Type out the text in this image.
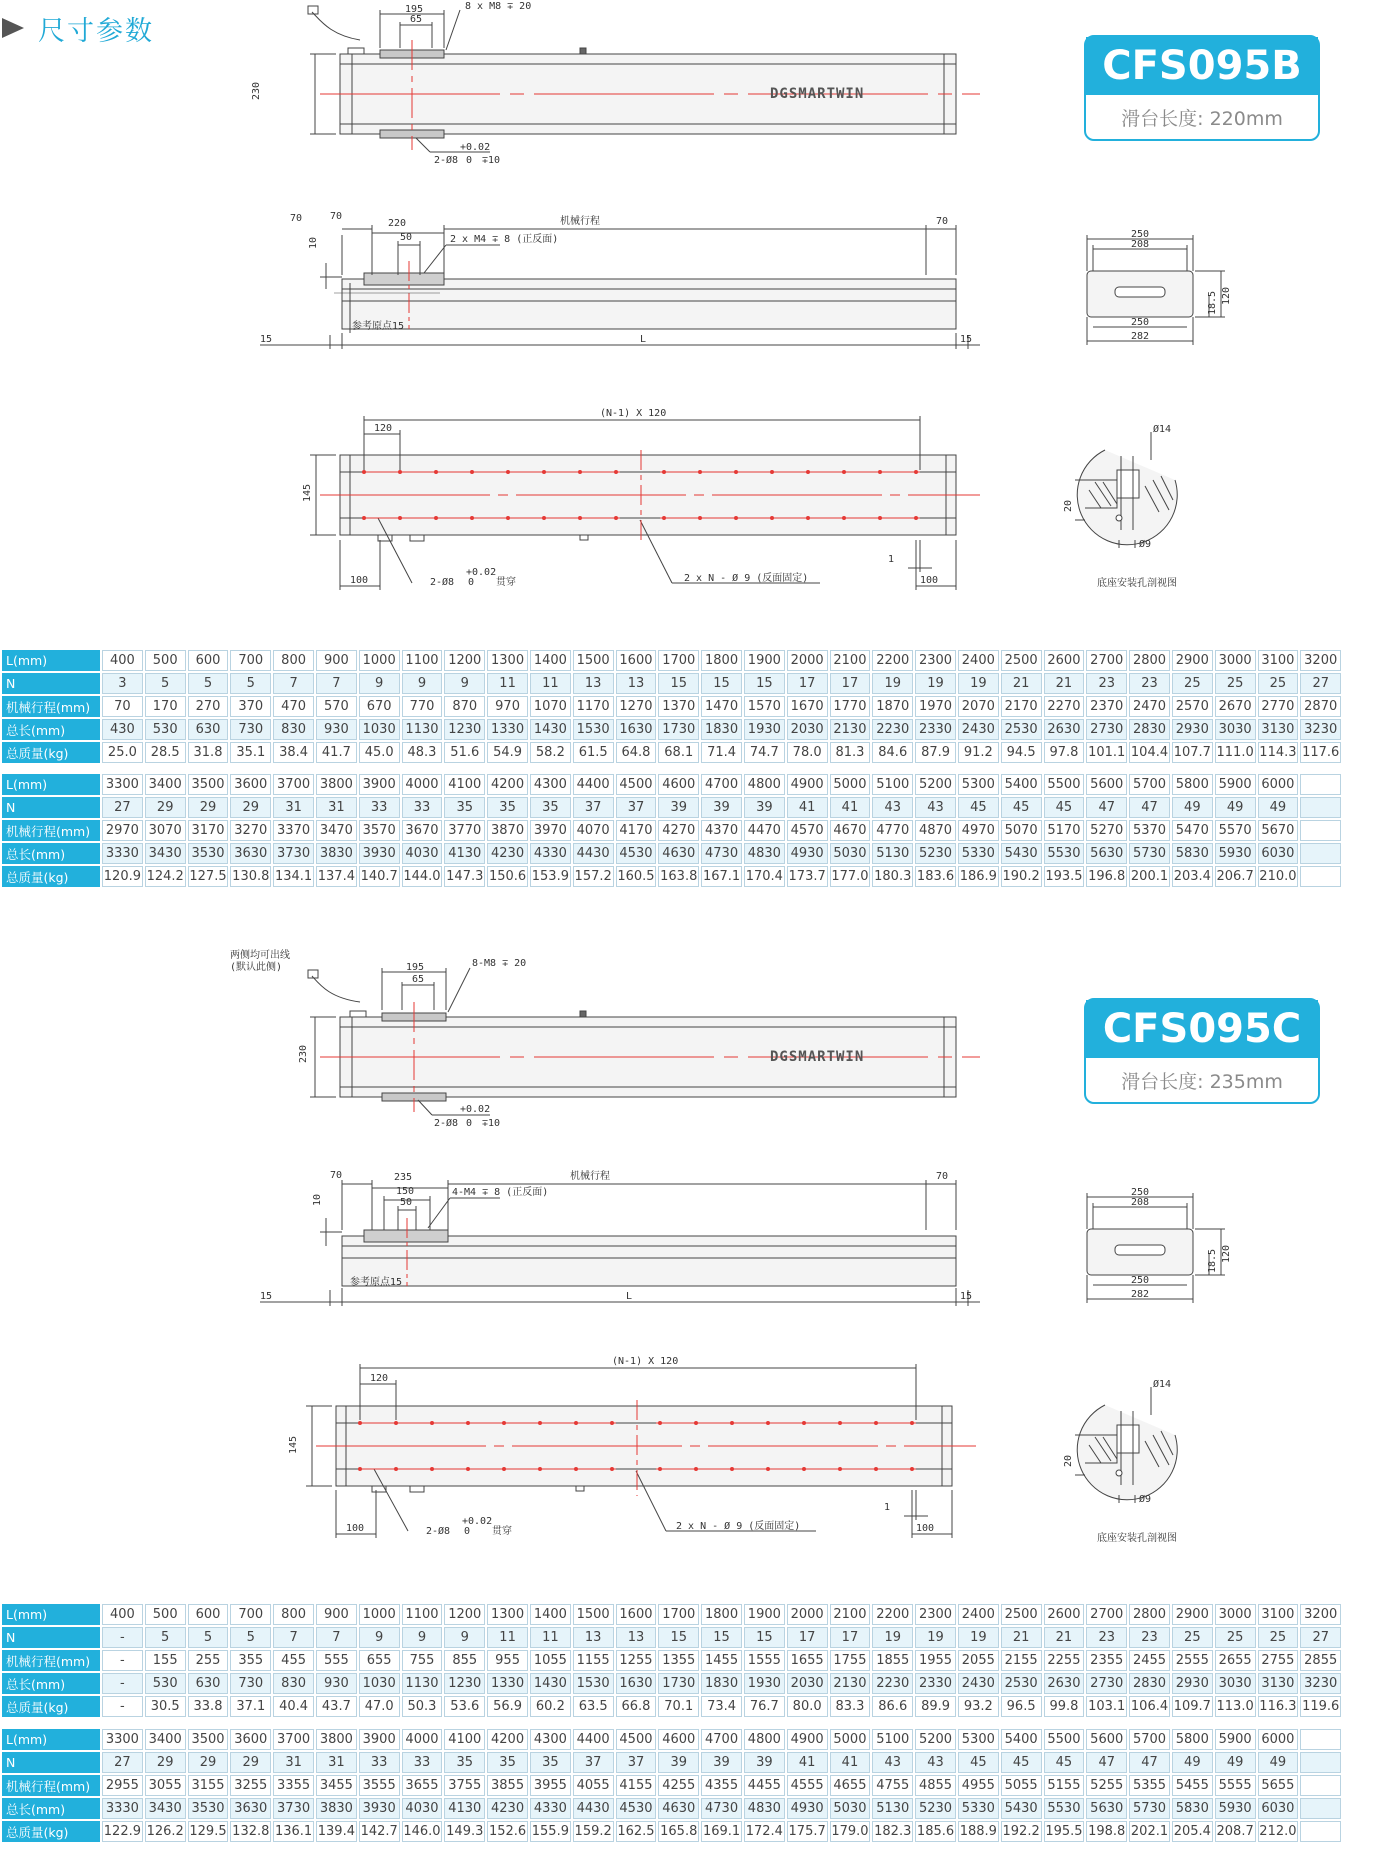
尺寸参数
CFS095B
滑台长度: 220mm
CFS095C
滑台长度: 235mm
230
195
65
8 x M8 ∓ 20
+0.02
2-Ø8 0 ∓10
DGSMARTWIN
10
70	70
220
50
机械行程	70
2 x M4 ∓ 8 (正反面)
参考原点15
15	L	15
250
208
18.5 120
250
282
(N-1) X 120
120
145
+0.02
2-Ø8 0 贯穿	2 x N - Ø 9 (反面固定)
100
1
100
Ø14
20
Ø9
底座安装孔剖视图
两侧均可出线
(默认此侧)
230
195
65
8-M8 ∓ 20
+0.02
2-Ø8 0 ∓10
DGSMARTWIN
10
70	235
150
50
机械行程	70
4-M4 ∓ 8 (正反面)
参考原点15
15	L	15
250
208
18.5 120
250
282
(N-1) X 120
120
145
+0.02
2-Ø8 0 贯穿	2 x N - Ø 9 (反面固定)
100
1
100
Ø14
20
Ø9
底座安装孔剖视图
L(mm)	400	500	600	700	800	900	1000	1100	1200	1300	1400	1500	1600	1700	1800	1900	2000	2100	2200	2300	2400	2500	2600	2700	2800	2900	3000	3100	3200
N	3	5	5	5	7	7	9	9	9	11	11	13	13	15	15	15	17	17	19	19	19	21	21	23	23	25	25	25	27
机械行程(mm)	70	170	270	370	470	570	670	770	870	970	1070	1170	1270	1370	1470	1570	1670	1770	1870	1970	2070	2170	2270	2370	2470	2570	2670	2770	2870
总长(mm)	430	530	630	730	830	930	1030	1130	1230	1330	1430	1530	1630	1730	1830	1930	2030	2130	2230	2330	2430	2530	2630	2730	2830	2930	3030	3130	3230
总质量(kg)	25.0	28.5	31.8	35.1	38.4	41.7	45.0	48.3	51.6	54.9	58.2	61.5	64.8	68.1	71.4	74.7	78.0	81.3	84.6	87.9	91.2	94.5	97.8	101.1	104.4	107.7	111.0	114.3	117.6
L(mm)	3300	3400	3500	3600	3700	3800	3900	4000	4100	4200	4300	4400	4500	4600	4700	4800	4900	5000	5100	5200	5300	5400	5500	5600	5700	5800	5900	6000	
N	27	29	29	29	31	31	33	33	35	35	35	37	37	39	39	39	41	41	43	43	45	45	45	47	47	49	49	49	
机械行程(mm)	2970	3070	3170	3270	3370	3470	3570	3670	3770	3870	3970	4070	4170	4270	4370	4470	4570	4670	4770	4870	4970	5070	5170	5270	5370	5470	5570	5670	
总长(mm)	3330	3430	3530	3630	3730	3830	3930	4030	4130	4230	4330	4430	4530	4630	4730	4830	4930	5030	5130	5230	5330	5430	5530	5630	5730	5830	5930	6030	
总质量(kg)	120.9	124.2	127.5	130.8	134.1	137.4	140.7	144.0	147.3	150.6	153.9	157.2	160.5	163.8	167.1	170.4	173.7	177.0	180.3	183.6	186.9	190.2	193.5	196.8	200.1	203.4	206.7	210.0	
L(mm)	400	500	600	700	800	900	1000	1100	1200	1300	1400	1500	1600	1700	1800	1900	2000	2100	2200	2300	2400	2500	2600	2700	2800	2900	3000	3100	3200
N	-	5	5	5	7	7	9	9	9	11	11	13	13	15	15	15	17	17	19	19	19	21	21	23	23	25	25	25	27
机械行程(mm)	-	155	255	355	455	555	655	755	855	955	1055	1155	1255	1355	1455	1555	1655	1755	1855	1955	2055	2155	2255	2355	2455	2555	2655	2755	2855
总长(mm)	-	530	630	730	830	930	1030	1130	1230	1330	1430	1530	1630	1730	1830	1930	2030	2130	2230	2330	2430	2530	2630	2730	2830	2930	3030	3130	3230
总质量(kg)	-	30.5	33.8	37.1	40.4	43.7	47.0	50.3	53.6	56.9	60.2	63.5	66.8	70.1	73.4	76.7	80.0	83.3	86.6	89.9	93.2	96.5	99.8	103.1	106.4	109.7	113.0	116.3	119.6
L(mm)	3300	3400	3500	3600	3700	3800	3900	4000	4100	4200	4300	4400	4500	4600	4700	4800	4900	5000	5100	5200	5300	5400	5500	5600	5700	5800	5900	6000	
N	27	29	29	29	31	31	33	33	35	35	35	37	37	39	39	39	41	41	43	43	45	45	45	47	47	49	49	49	
机械行程(mm)	2955	3055	3155	3255	3355	3455	3555	3655	3755	3855	3955	4055	4155	4255	4355	4455	4555	4655	4755	4855	4955	5055	5155	5255	5355	5455	5555	5655	
总长(mm)	3330	3430	3530	3630	3730	3830	3930	4030	4130	4230	4330	4430	4530	4630	4730	4830	4930	5030	5130	5230	5330	5430	5530	5630	5730	5830	5930	6030	
总质量(kg)	122.9	126.2	129.5	132.8	136.1	139.4	142.7	146.0	149.3	152.6	155.9	159.2	162.5	165.8	169.1	172.4	175.7	179.0	182.3	185.6	188.9	192.2	195.5	198.8	202.1	205.4	208.7	212.0	
